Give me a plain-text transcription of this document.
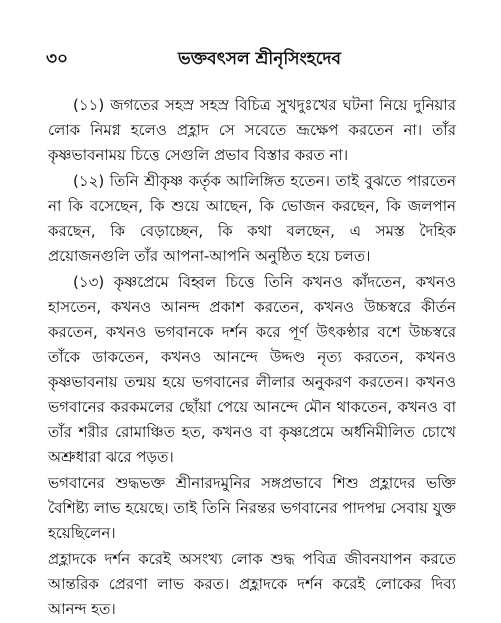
৩০	ভক্তবৎসল শ্রীনৃসিংহদেব

(১১) জগতের সহস্র সহস্র বিচিত্র সুখদুঃখের ঘটনা নিয়ে দুনিয়ার লোক নিমগ্ন হলেও প্রহ্লাদ সে সবেতে ভ্রূক্ষেপ করতেন না। তাঁর কৃষ্ণভাবনাময় চিত্তে সেগুলি প্রভাব বিস্তার করত না।

(১২) তিনি শ্রীকৃষ্ণ কর্তৃক আলিঙ্গিত হতেন। তাই বুঝতে পারতেন না কি বসেছেন, কি শুয়ে আছেন, কি ভোজন করছেন, কি জলপান করছেন, কি বেড়াচ্ছেন, কি কথা বলছেন, এ সমস্ত দৈহিক প্রয়োজনগুলি তাঁর আপনা-আপনি অনুষ্ঠিত হয়ে চলত।

(১৩) কৃষ্ণপ্রেমে বিহ্বল চিত্তে তিনি কখনও কাঁদতেন, কখনও হাসতেন, কখনও আনন্দ প্রকাশ করতেন, কখনও উচ্চস্বরে কীর্তন করতেন, কখনও ভগবানকে দর্শন করে পূর্ণ উৎকণ্ঠার বশে উচ্চস্বরে তাঁকে ডাকতেন, কখনও আনন্দে উদ্দণ্ড নৃত্য করতেন, কখনও কৃষ্ণভাবনায় তন্ময় হয়ে ভগবানের লীলার অনুকরণ করতেন। কখনও ভগবানের করকমলের ছোঁয়া পেয়ে আনন্দে মৌন থাকতেন, কখনও বা তাঁর শরীর রোমাঞ্চিত হত, কখনও বা কৃষ্ণপ্রেমে অর্ধনিমীলিত চোখে অশ্রুধারা ঝরে পড়ত।

ভগবানের শুদ্ধভক্ত শ্রীনারদমুনির সঙ্গপ্রভাবে শিশু প্রহ্লাদের ভক্তি বৈশিষ্ট্য লাভ হয়েছে। তাই তিনি নিরন্তর ভগবানের পাদপদ্ম সেবায় যুক্ত হয়েছিলেন।

প্রহ্লাদকে দর্শন করেই অসংখ্য লোক শুদ্ধ পবিত্র জীবনযাপন করতে আন্তরিক প্রেরণা লাভ করত। প্রহ্লাদকে দর্শন করেই লোকের দিব্য আনন্দ হত।
